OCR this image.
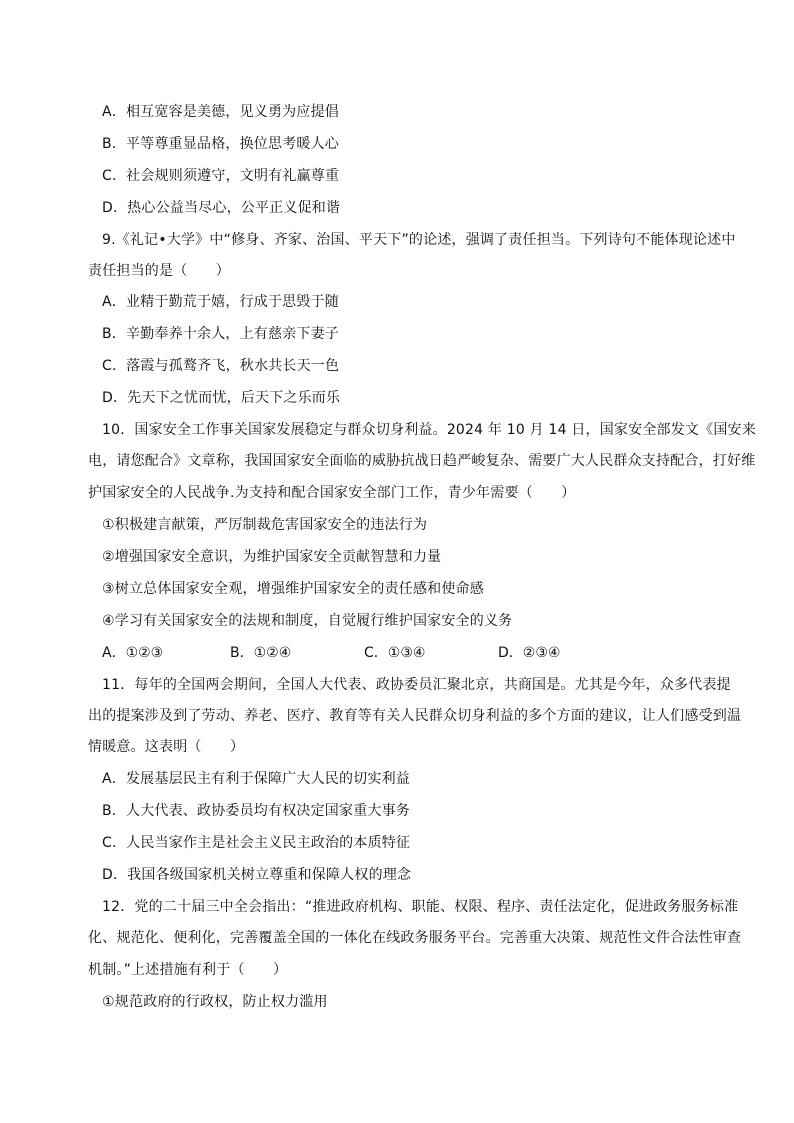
A．相互宽容是美德，见义勇为应提倡
B．平等尊重显品格，换位思考暖人心
C．社会规则须遵守，文明有礼赢尊重
D．热心公益当尽心，公平正义促和谐
9.《礼记•大学》中“修身、齐家、治国、平天下”的论述，强调了责任担当。下列诗句不能体现论述中
责任担当的是（　　）
A．业精于勤荒于嬉，行成于思毁于随
B．辛勤奉养十余人，上有慈亲下妻子
C．落霞与孤鹜齐飞，秋水共长天一色
D．先天下之忧而忧，后天下之乐而乐
10．国家安全工作事关国家发展稳定与群众切身利益。2024 年 10 月 14 日，国家安全部发文《国安来
电，请您配合》文章称，我国国家安全面临的威胁抗战日趋严峻复杂、需要广大人民群众支持配合，打好维
护国家安全的人民战争.为支持和配合国家安全部门工作，青少年需要（　　）
①积极建言献策，严厉制裁危害国家安全的违法行为
②增强国家安全意识，为维护国家安全贡献智慧和力量
③树立总体国家安全观，增强维护国家安全的责任感和使命感
④学习有关国家安全的法规和制度，自觉履行维护国家安全的义务
A．①②③	B．①②④	C．①③④	D．②③④
11．每年的全国两会期间，全国人大代表、政协委员汇聚北京，共商国是。尤其是今年，众多代表提
出的提案涉及到了劳动、养老、医疗、教育等有关人民群众切身利益的多个方面的建议，让人们感受到温
情暖意。这表明（　　）
A．发展基层民主有利于保障广大人民的切实利益
B．人大代表、政协委员均有权决定国家重大事务
C．人民当家作主是社会主义民主政治的本质特征
D．我国各级国家机关树立尊重和保障人权的理念
12．党的二十届三中全会指出：“推进政府机构、职能、权限、程序、责任法定化，促进政务服务标准
化、规范化、便利化，完善覆盖全国的一体化在线政务服务平台。完善重大决策、规范性文件合法性审查
机制。”上述措施有利于（　　）
①规范政府的行政权，防止权力滥用
